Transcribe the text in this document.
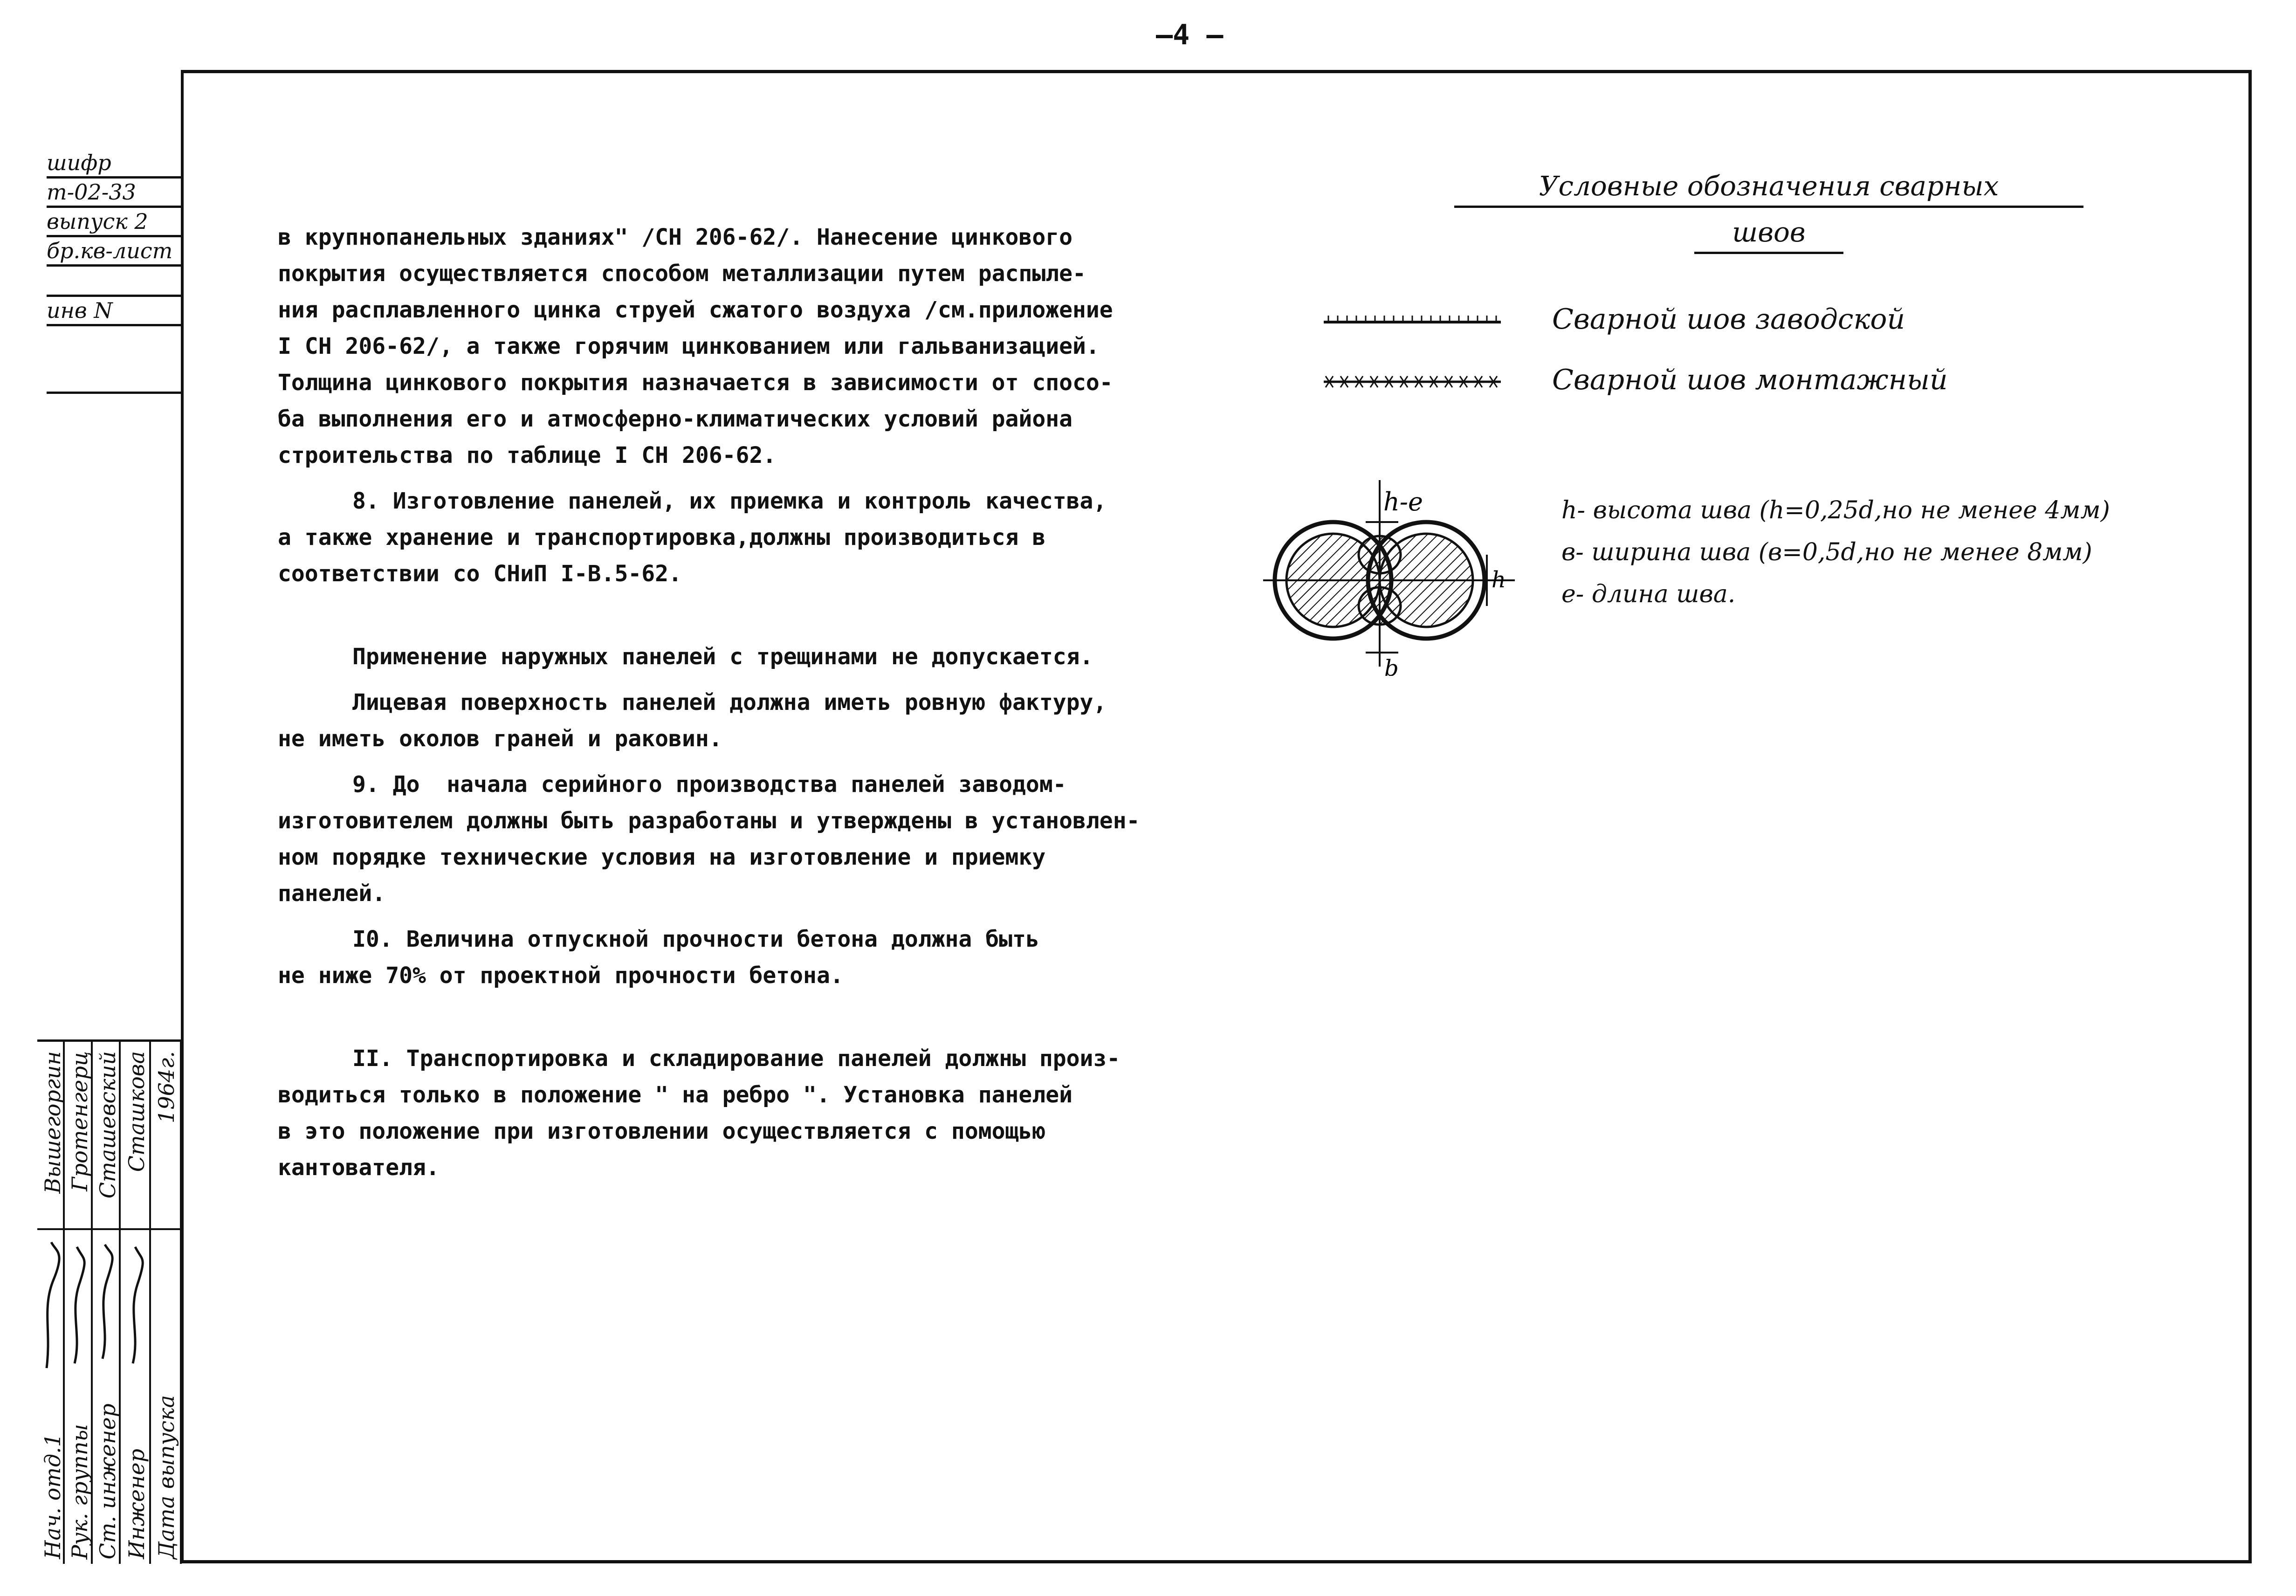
—4 —
шифр
т-02-33
выпуск 2
бр.кв-лист
инв N

в крупнопанельных зданиях" /СН 206-62/. Нанесение цинкового
покрытия осуществляется способом металлизации путем распыле-
ния расплавленного цинка струей сжатого воздуха /см.приложение
I СН 206-62/, а также горячим цинкованием или гальванизацией.
Толщина цинкового покрытия назначается в зависимости от спосо-
ба выполнения его и атмосферно-климатических условий района
строительства по таблице I СН 206-62.

8. Изготовление панелей, их приемка и контроль качества,
а также хранение и транспортировка,должны производиться в
соответствии со СНиП I-В.5-62.

Применение наружных панелей с трещинами не допускается.

Лицевая поверхность панелей должна иметь ровную фактуру,
не иметь околов граней и раковин.

9. До  начала серийного производства панелей заводом-
изготовителем должны быть разработаны и утверждены в установлен-
ном порядке технические условия на изготовление и приемку
панелей.

I0. Величина отпускной прочности бетона должна быть
не ниже 70% от проектной прочности бетона.

II. Транспортировка и складирование панелей должны произ-
водиться только в положение " на ребро ". Установка панелей
в это положение при изготовлении осуществляется с помощью
кантователя.

Условные обозначения сварных
швов
Сварной шов заводской
Сварной шов монтажный
h-e
h
b
h- высота шва (h=0,25d,но не менее 4мм)
в- ширина шва (в=0,5d,но не менее 8мм)
e- длина шва.
Нач. отд.1 Рук. группы Ст. инженер Инженер Дата выпуска
Вышегоргин Гротенгерц Сташевский Сташкова 1964г.
